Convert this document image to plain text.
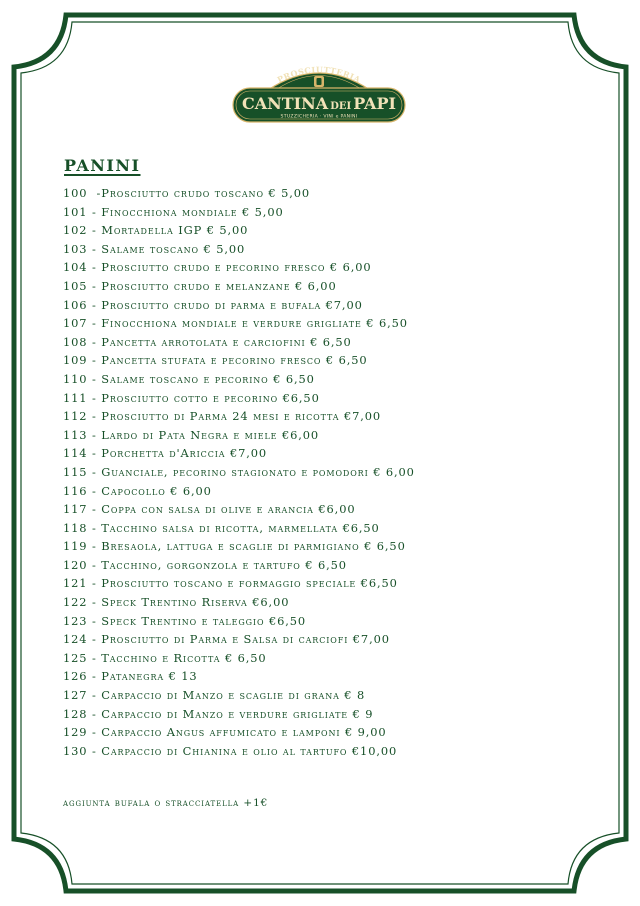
PROSCIUTTERIA
CANTINA DEI PAPI
STUZZICHERIA · VINI e PANINI
PANINI
100  -Prosciutto crudo toscano € 5,00
101 - Finocchiona mondiale € 5,00
102 - Mortadella IGP € 5,00
103 - Salame toscano € 5,00
104 - Prosciutto crudo e pecorino fresco € 6,00
105 - Prosciutto crudo e melanzane € 6,00
106 - Prosciutto crudo di parma e bufala €7,00
107 - Finocchiona mondiale e verdure grigliate € 6,50
108 - Pancetta arrotolata e carciofini € 6,50
109 - Pancetta stufata e pecorino fresco € 6,50
110 - Salame toscano e pecorino € 6,50
111 - Prosciutto cotto e pecorino €6,50
112 - Prosciutto di Parma 24 mesi e ricotta €7,00
113 - Lardo di Pata Negra e miele €6,00
114 - Porchetta d'Ariccia €7,00
115 - Guanciale, pecorino stagionato e pomodori € 6,00
116 - Capocollo € 6,00
117 - Coppa con salsa di olive e arancia €6,00
118 - Tacchino salsa di ricotta, marmellata €6,50
119 - Bresaola, lattuga e scaglie di parmigiano € 6,50
120 - Tacchino, gorgonzola e tartufo € 6,50
121 - Prosciutto toscano e formaggio speciale €6,50
122 - Speck Trentino Riserva €6,00
123 - Speck Trentino e taleggio €6,50
124 - Prosciutto di Parma e Salsa di carciofi €7,00
125 - Tacchino e Ricotta € 6,50
126 - Patanegra € 13
127 - Carpaccio di Manzo e scaglie di grana € 8
128 - Carpaccio di Manzo e verdure grigliate € 9
129 - Carpaccio Angus affumicato e lamponi € 9,00
130 - Carpaccio di Chianina e olio al tartufo €10,00

aggiunta bufala o stracciatella +1€
